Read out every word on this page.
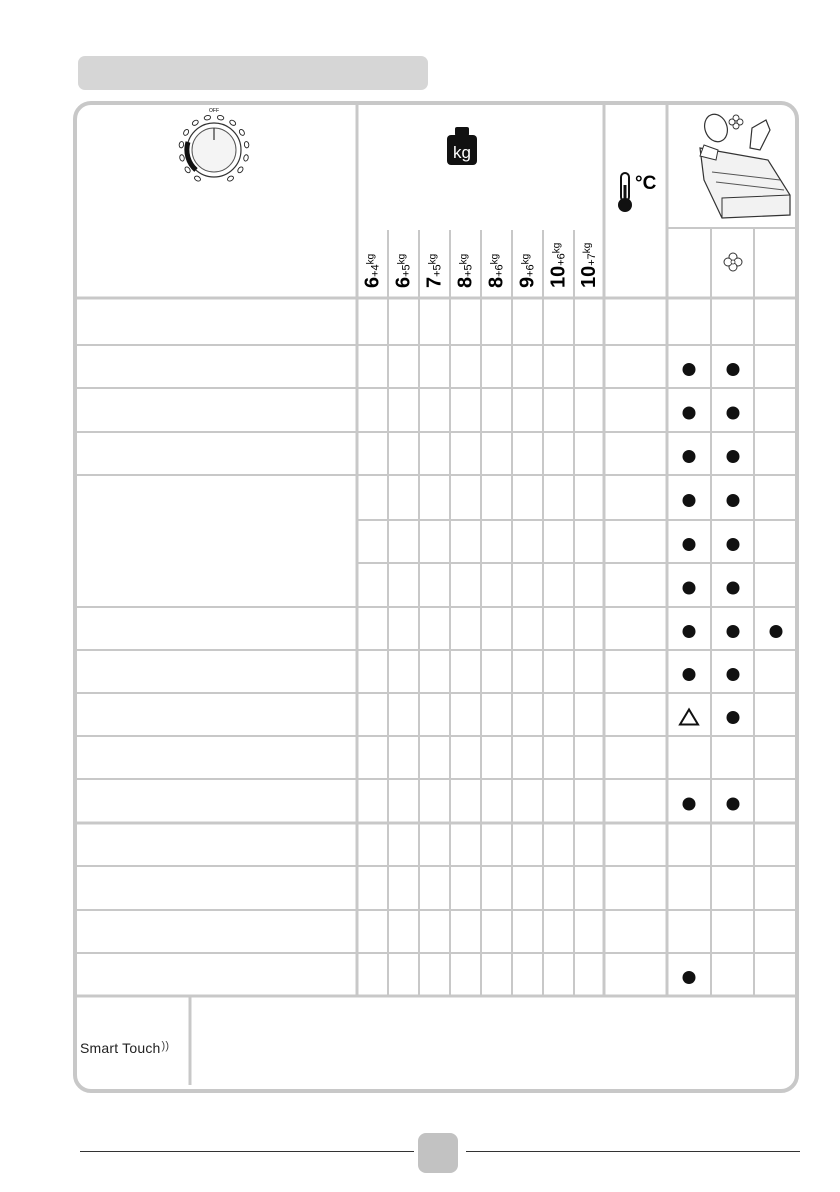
OFF
kg
°C
$6+4^{kg}$
$6+5^{kg}$
$7+5^{kg}$
$8+5^{kg}$
$8+6^{kg}$
$9+6^{kg}$
$10+6^{kg}$
$10+7^{kg}$
Smart Touch))
